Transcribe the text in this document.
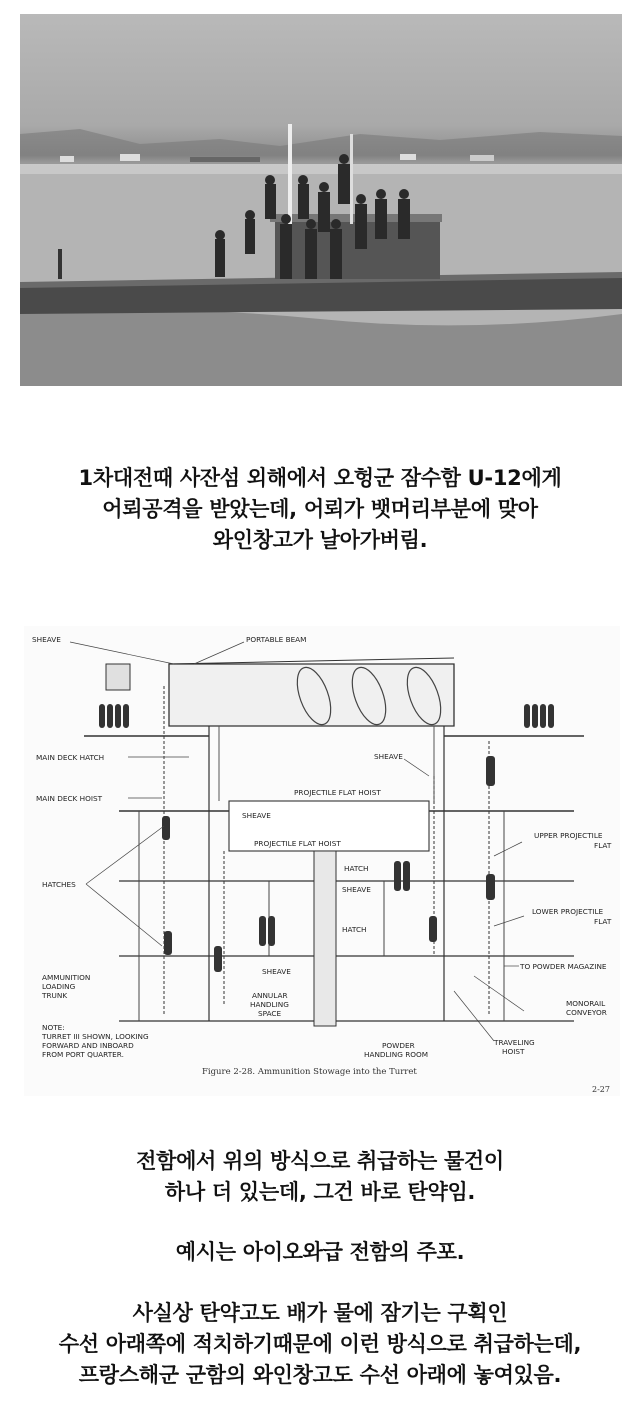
1차대전때 사잔섬 외해에서 오헝군 잠수함 U-12에게
어뢰공격을 받았는데, 어뢰가 뱃머리부분에 맞아
와인창고가 날아가버림.
SHEAVE	PORTABLE BEAM
MAIN DECK HATCH
MAIN DECK HOIST
SHEAVE
PROJECTILE FLAT HOIST
SHEAVE
PROJECTILE FLAT HOIST
UPPER PROJECTILE
FLAT
HATCHES
HATCH
SHEAVE
LOWER PROJECTILE
FLAT
HATCH
TO POWDER MAGAZINE
SHEAVE
AMMUNITION
LOADING
TRUNK	ANNULAR
HANDLING
SPACE
MONORAIL
CONVEYOR
NOTE:
TURRET III SHOWN, LOOKING
FORWARD AND INBOARD
FROM PORT QUARTER.
POWDER
HANDLING ROOM
TRAVELING
HOIST
Figure 2-28. Ammunition Stowage into the Turret
2-27
전함에서 위의 방식으로 취급하는 물건이
하나 더 있는데, 그건 바로 탄약임.
예시는 아이오와급 전함의 주포.
사실상 탄약고도 배가 물에 잠기는 구획인
수선 아래쪽에 적치하기때문에 이런 방식으로 취급하는데,
프랑스해군 군함의 와인창고도 수선 아래에 놓여있음.
